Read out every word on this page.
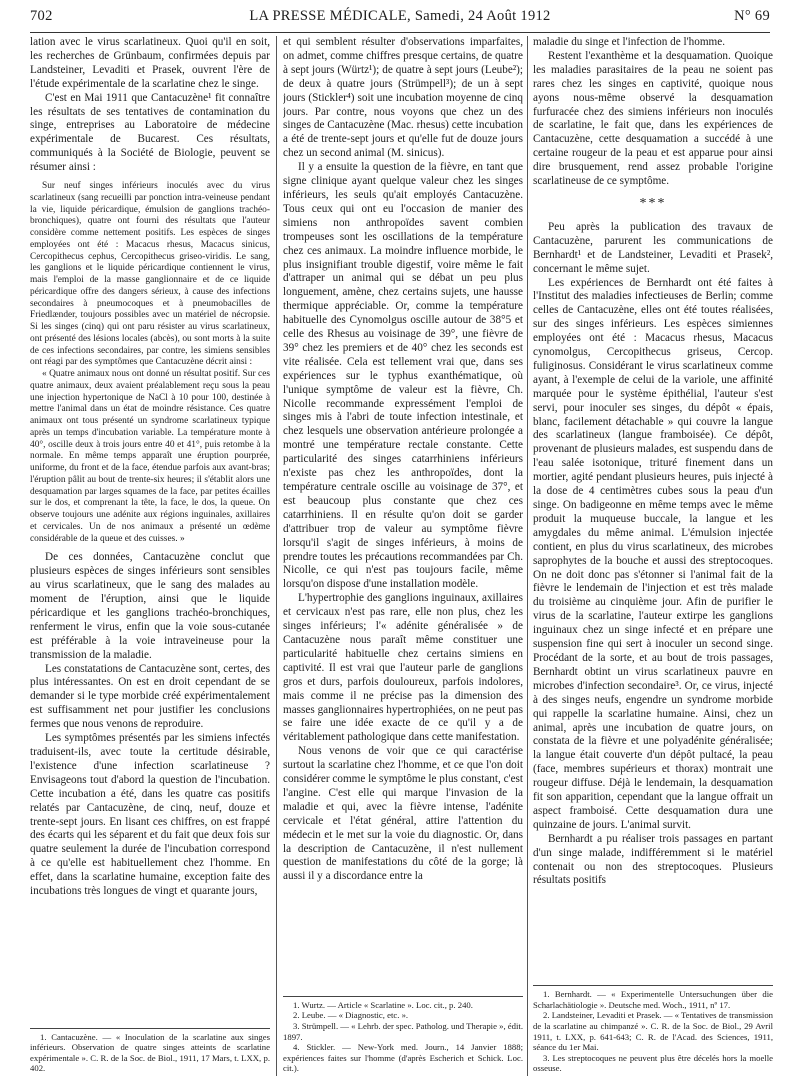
702	LA PRESSE MÉDICALE, Samedi, 24 Août 1912	N° 69

lation avec le virus scarlatineux. Quoi qu'il en soit, les recherches de Grünbaum, confirmées depuis par Landsteiner, Levaditi et Prasek, ouvrent l'ère de l'étude expérimentale de la scarlatine chez le singe.

C'est en Mai 1911 que Cantacuzène¹ fit connaître les résultats de ses tentatives de contamination du singe, entreprises au Laboratoire de médecine expérimentale de Bucarest. Ces résultats, communiqués à la Société de Biologie, peuvent se résumer ainsi :

Sur neuf singes inférieurs inoculés avec du virus scarlatineux (sang recueilli par ponction intra-veineuse pendant la vie, liquide péricardique, émulsion de ganglions trachéo-bronchiques), quatre ont fourni des résultats que l'auteur considère comme nettement positifs. Les espèces de singes employées ont été : Macacus rhesus, Macacus sinicus, Cercopithecus cephus, Cercopithecus griseo-viridis. Le sang, les ganglions et le liquide péricardique contiennent le virus, mais l'emploi de la masse ganglionnaire et de ce liquide péricardique offre des dangers sérieux, à cause des infections secondaires à pneumocoques et à pneumobacilles de Friedlænder, toujours possibles avec un matériel de nécropsie. Si les singes (cinq) qui ont paru résister au virus scarlatineux, ont présenté des lésions locales (abcès), ou sont morts à la suite de ces infections secondaires, par contre, les simiens sensibles ont réagi par des symptômes que Cantacuzène décrit ainsi :

« Quatre animaux nous ont donné un résultat positif. Sur ces quatre animaux, deux avaient préalablement reçu sous la peau une injection hypertonique de NaCl à 10 pour 100, destinée à mettre l'animal dans un état de moindre résistance. Ces quatre animaux ont tous présenté un syndrome scarlatineux typique après un temps d'incubation variable. La température monte à 40°, oscille deux à trois jours entre 40 et 41°, puis retombe à la normale. En même temps apparaît une éruption pourprée, uniforme, du front et de la face, étendue parfois aux avant-bras; l'éruption pâlit au bout de trente-six heures; il s'établit alors une desquamation par larges squames de la face, par petites écailles sur le dos, et comprenant la tête, la face, le dos, la queue. On observe toujours une adénite aux régions inguinales, axillaires et cervicales. Un de nos animaux a présenté un œdème considérable de la queue et des cuisses. »

De ces données, Cantacuzène conclut que plusieurs espèces de singes inférieurs sont sensibles au virus scarlatineux, que le sang des malades au moment de l'éruption, ainsi que le liquide péricardique et les ganglions trachéo-bronchiques, renferment le virus, enfin que la voie sous-cutanée est préférable à la voie intraveineuse pour la transmission de la maladie.

Les constatations de Cantacuzène sont, certes, des plus intéressantes. On est en droit cependant de se demander si le type morbide créé expérimentalement est suffisamment net pour justifier les conclusions fermes que nous venons de reproduire.

Les symptômes présentés par les simiens infectés traduisent-ils, avec toute la certitude désirable, l'existence d'une infection scarlatineuse ? Envisageons tout d'abord la question de l'incubation. Cette incubation a été, dans les quatre cas positifs relatés par Cantacuzène, de cinq, neuf, douze et trente-sept jours. En lisant ces chiffres, on est frappé des écarts qui les séparent et du fait que deux fois sur quatre seulement la durée de l'incubation correspond à ce qu'elle est habituellement chez l'homme. En effet, dans la scarlatine humaine, exception faite des incubations très longues de vingt et quarante jours,

1. Cantacuzène. — « Inoculation de la scarlatine aux singes inférieurs. Observation de quatre singes atteints de scarlatine expérimentale ». C. R. de la Soc. de Biol., 1911, 17 Mars, t. LXX, p. 402.

et qui semblent résulter d'observations imparfaites, on admet, comme chiffres presque certains, de quatre à sept jours (Würtz¹); de quatre à sept jours (Leube²); de deux à quatre jours (Strümpell³); de un à sept jours (Stickler⁴) soit une incubation moyenne de cinq jours. Par contre, nous voyons que chez un des singes de Cantacuzène (Mac. rhesus) cette incubation a été de trente-sept jours et qu'elle fut de douze jours chez un second animal (M. sinicus).

Il y a ensuite la question de la fièvre, en tant que signe clinique ayant quelque valeur chez les singes inférieurs, les seuls qu'ait employés Cantacuzène. Tous ceux qui ont eu l'occasion de manier des simiens non anthropoïdes savent combien trompeuses sont les oscillations de la température chez ces animaux. La moindre influence morbide, le plus insignifiant trouble digestif, voire même le fait d'attraper un animal qui se débat un peu plus longuement, amène, chez certains sujets, une hausse thermique appréciable. Or, comme la température habituelle des Cynomolgus oscille autour de 38°5 et celle des Rhesus au voisinage de 39°, une fièvre de 39° chez les premiers et de 40° chez les seconds est vite réalisée. Cela est tellement vrai que, dans ses expériences sur le typhus exanthématique, où l'unique symptôme de valeur est la fièvre, Ch. Nicolle recommande expressément l'emploi de singes mis à l'abri de toute infection intestinale, et chez lesquels une observation antérieure prolongée a montré une température rectale constante. Cette particularité des singes catarrhiniens inférieurs n'existe pas chez les anthropoïdes, dont la température centrale oscille au voisinage de 37°, et est beaucoup plus constante que chez ces catarrhiniens. Il en résulte qu'on doit se garder d'attribuer trop de valeur au symptôme fièvre lorsqu'il s'agit de singes inférieurs, à moins de prendre toutes les précautions recommandées par Ch. Nicolle, ce qui n'est pas toujours facile, même lorsqu'on dispose d'une installation modèle.

L'hypertrophie des ganglions inguinaux, axillaires et cervicaux n'est pas rare, elle non plus, chez les singes inférieurs; l'« adénite généralisée » de Cantacuzène nous paraît même constituer une particularité habituelle chez certains simiens en captivité. Il est vrai que l'auteur parle de ganglions gros et durs, parfois douloureux, parfois indolores, mais comme il ne précise pas la dimension des masses ganglionnaires hypertrophiées, on ne peut pas se faire une idée exacte de ce qu'il y a de véritablement pathologique dans cette manifestation.

Nous venons de voir que ce qui caractérise surtout la scarlatine chez l'homme, et ce que l'on doit considérer comme le symptôme le plus constant, c'est l'angine. C'est elle qui marque l'invasion de la maladie et qui, avec la fièvre intense, l'adénite cervicale et l'état général, attire l'attention du médecin et le met sur la voie du diagnostic. Or, dans la description de Cantacuzène, il n'est nullement question de manifestations du côté de la gorge; là aussi il y a discordance entre la

1. Wurtz. — Article « Scarlatine ». Loc. cit., p. 240.

2. Leube. — « Diagnostic, etc. ».

3. Strümpell. — « Lehrb. der spec. Patholog. und Therapie », édit. 1897.

4. Stickler. — New-York med. Journ., 14 Janvier 1888; expériences faites sur l'homme (d'après Escherich et Schick. Loc. cit.).

maladie du singe et l'infection de l'homme.

Restent l'exanthème et la desquamation. Quoique les maladies parasitaires de la peau ne soient pas rares chez les singes en captivité, quoique nous ayons nous-même observé la desquamation furfuracée chez des simiens inférieurs non inoculés de scarlatine, le fait que, dans les expériences de Cantacuzène, cette desquamation a succédé à une certaine rougeur de la peau et est apparue pour ainsi dire brusquement, rend assez probable l'origine scarlatineuse de ce symptôme.

***

Peu après la publication des travaux de Cantacuzène, parurent les communications de Bernhardt¹ et de Landsteiner, Levaditi et Prasek², concernant le même sujet.

Les expériences de Bernhardt ont été faites à l'Institut des maladies infectieuses de Berlin; comme celles de Cantacuzène, elles ont été toutes réalisées, sur des singes inférieurs. Les espèces simiennes employées ont été : Macacus rhesus, Macacus cynomolgus, Cercopithecus griseus, Cercop. fuliginosus. Considérant le virus scarlatineux comme ayant, à l'exemple de celui de la variole, une affinité marquée pour le système épithélial, l'auteur s'est servi, pour inoculer ses singes, du dépôt « épais, blanc, facilement détachable » qui couvre la langue des scarlatineux (langue framboisée). Ce dépôt, provenant de plusieurs malades, est suspendu dans de l'eau salée isotonique, trituré finement dans un mortier, agité pendant plusieurs heures, puis injecté à la dose de 4 centimètres cubes sous la peau d'un singe. On badigeonne en même temps avec le même produit la muqueuse buccale, la langue et les amygdales du même animal. L'émulsion injectée contient, en plus du virus scarlatineux, des microbes saprophytes de la bouche et aussi des streptocoques. On ne doit donc pas s'étonner si l'animal fait de la fièvre le lendemain de l'injection et est très malade du troisième au cinquième jour. Afin de purifier le virus de la scarlatine, l'auteur extirpe les ganglions inguinaux chez un singe infecté et en prépare une suspension fine qui sert à inoculer un second singe. Procédant de la sorte, et au bout de trois passages, Bernhardt obtint un virus scarlatineux pauvre en microbes d'infection secondaire³. Or, ce virus, injecté à des singes neufs, engendre un syndrome morbide qui rappelle la scarlatine humaine. Ainsi, chez un animal, après une incubation de quatre jours, on constata de la fièvre et une polyadénite généralisée; la langue était couverte d'un dépôt pultacé, la peau (face, membres supérieurs et thorax) montrait une rougeur diffuse. Déjà le lendemain, la desquamation fit son apparition, cependant que la langue offrait un aspect framboisé. Cette desquamation dura une quinzaine de jours. L'animal survit.

Bernhardt a pu réaliser trois passages en partant d'un singe malade, indifféremment si le matériel contenait ou non des streptocoques. Plusieurs résultats positifs

1. Bernhardt. — « Experimentelle Untersuchungen über die Scharlachätiologie ». Deutsche med. Woch., 1911, nº 17.

2. Landsteiner, Levaditi et Prasek. — « Tentatives de transmission de la scarlatine au chimpanzé ». C. R. de la Soc. de Biol., 29 Avril 1911, t. LXX, p. 641-643; C. R. de l'Acad. des Sciences, 1911, séance du 1er Mai.

3. Les streptocoques ne peuvent plus être décelés hors la moelle osseuse.
